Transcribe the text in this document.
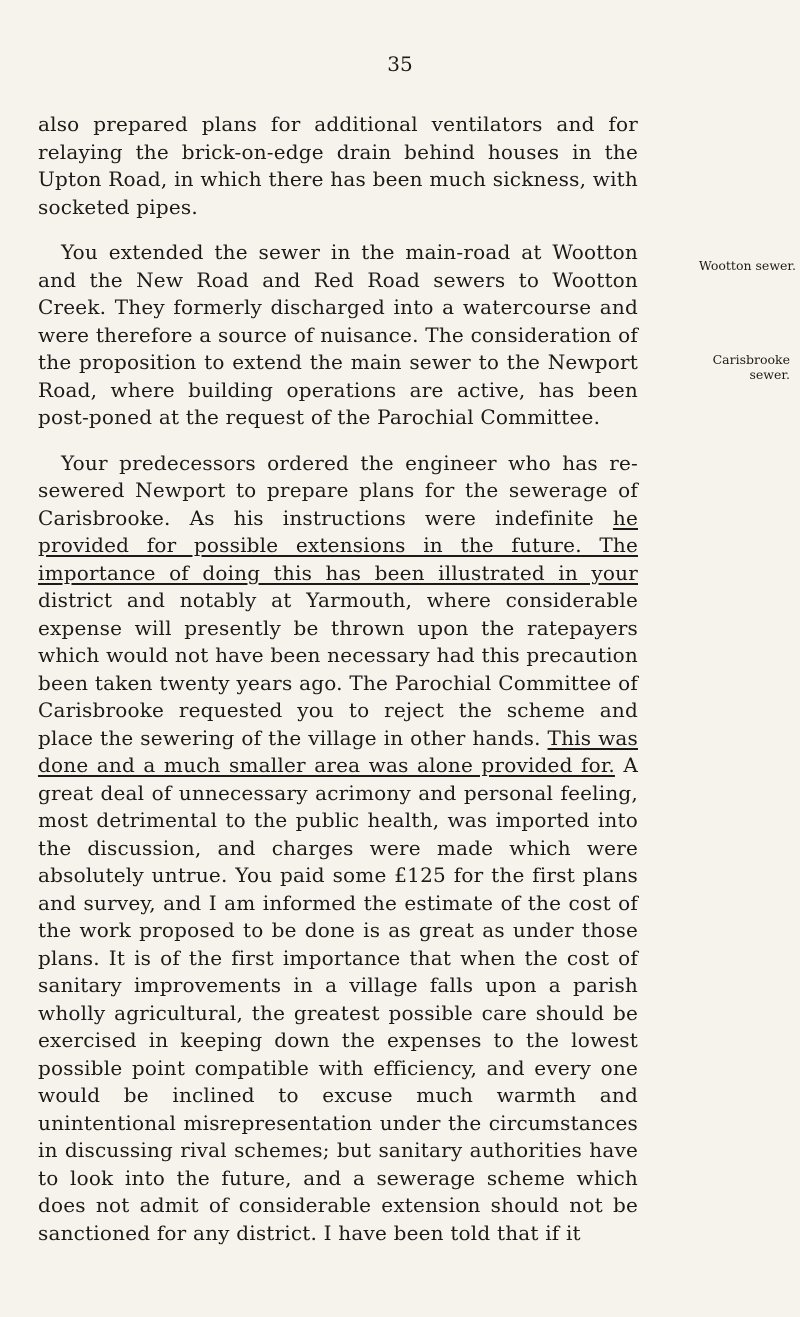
35

also prepared plans for additional ventilators and for relaying the brick-on-edge drain behind houses in the Upton Road, in which there has been much sickness, with socketed pipes.

You extended the sewer in the main-road at Wootton and the New Road and Red Road sewers to Wootton Creek. They formerly discharged into a watercourse and were therefore a source of nuisance. The consideration of the proposition to extend the main sewer to the Newport Road, where building operations are active, has been post-poned at the request of the Parochial Committee.

Your predecessors ordered the engineer who has re-sewered Newport to prepare plans for the sewerage of Carisbrooke. As his instructions were indefinite he provided for possible extensions in the future. The importance of doing this has been illustrated in your district and notably at Yarmouth, where considerable expense will presently be thrown upon the ratepayers which would not have been necessary had this precaution been taken twenty years ago. The Parochial Committee of Carisbrooke requested you to reject the scheme and place the sewering of the village in other hands. This was done and a much smaller area was alone provided for. A great deal of unnecessary acrimony and personal feeling, most detrimental to the public health, was imported into the discussion, and charges were made which were absolutely untrue. You paid some £125 for the first plans and survey, and I am informed the estimate of the cost of the work proposed to be done is as great as under those plans. It is of the first importance that when the cost of sanitary improvements in a village falls upon a parish wholly agricultural, the greatest possible care should be exercised in keeping down the expenses to the lowest possible point compatible with efficiency, and every one would be inclined to excuse much warmth and unintentional misrepresentation under the circumstances in discussing rival schemes; but sanitary authorities have to look into the future, and a sewerage scheme which does not admit of considerable extension should not be sanctioned for any district. I have been told that if it

Wootton sewer.
Carisbrooke
sewer.
